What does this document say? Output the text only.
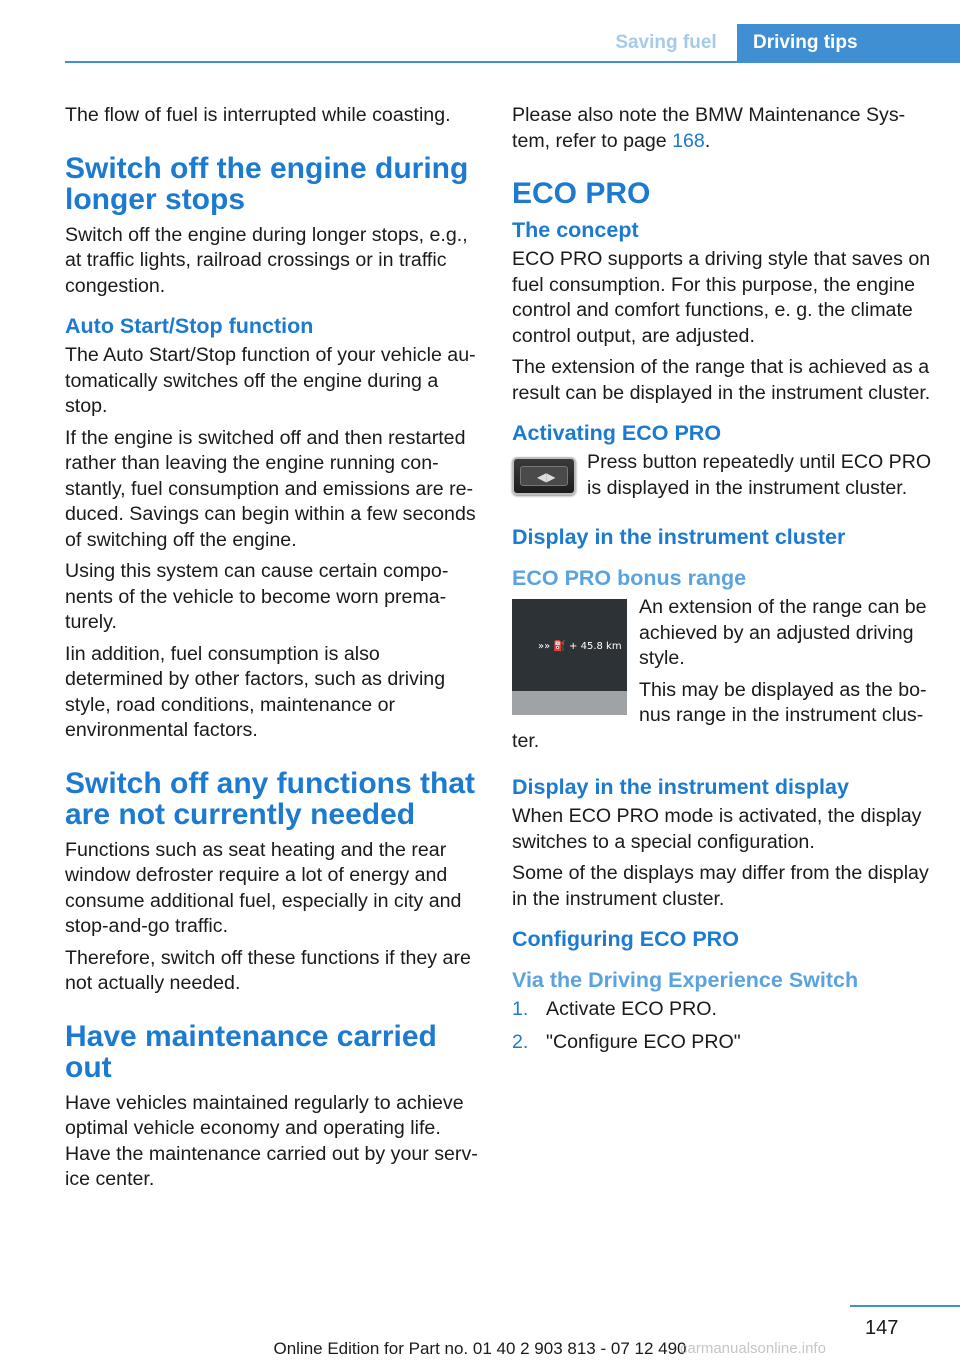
Saving fuel	Driving tips

The flow of fuel is interrupted while coasting.

Switch off the engine during longer stops

Switch off the engine during longer stops, e.g., at traffic lights, railroad crossings or in traffic congestion.

Auto Start/Stop function

The Auto Start/Stop function of your vehicle automatically switches off the engine during a stop.

If the engine is switched off and then restarted rather than leaving the engine running constantly, fuel consumption and emissions are reduced. Savings can begin within a few seconds of switching off the engine.

Using this system can cause certain components of the vehicle to become worn prematurely.

Iin addition, fuel consumption is also determined by other factors, such as driving style, road conditions, maintenance or environmental factors.

Switch off any functions that are not currently needed

Functions such as seat heating and the rear window defroster require a lot of energy and consume additional fuel, especially in city and stop-and-go traffic.

Therefore, switch off these functions if they are not actually needed.

Have maintenance carried out

Have vehicles maintained regularly to achieve optimal vehicle economy and operating life. Have the maintenance carried out by your service center.

Please also note the BMW Maintenance System, refer to page 168.

ECO PRO
The concept

ECO PRO supports a driving style that saves on fuel consumption. For this purpose, the engine control and comfort functions, e. g. the climate control output, are adjusted.

The extension of the range that is achieved as a result can be displayed in the instrument cluster.

Activating ECO PRO
◀▶

Press button repeatedly until ECO PRO is displayed in the instrument cluster.

Display in the instrument cluster
ECO PRO bonus range
»» ⛽ + 45.8 km

An extension of the range can be achieved by an adjusted driving style.

This may be displayed as the bonus range in the instrument cluster.

Display in the instrument display

When ECO PRO mode is activated, the display switches to a special configuration.

Some of the displays may differ from the display in the instrument cluster.

Configuring ECO PRO
Via the Driving Experience Switch
1. Activate ECO PRO.
2. "Configure ECO PRO"
147
Online Edition for Part no. 01 40 2 903 813 - 07 12 490
carmanualsonline.info
